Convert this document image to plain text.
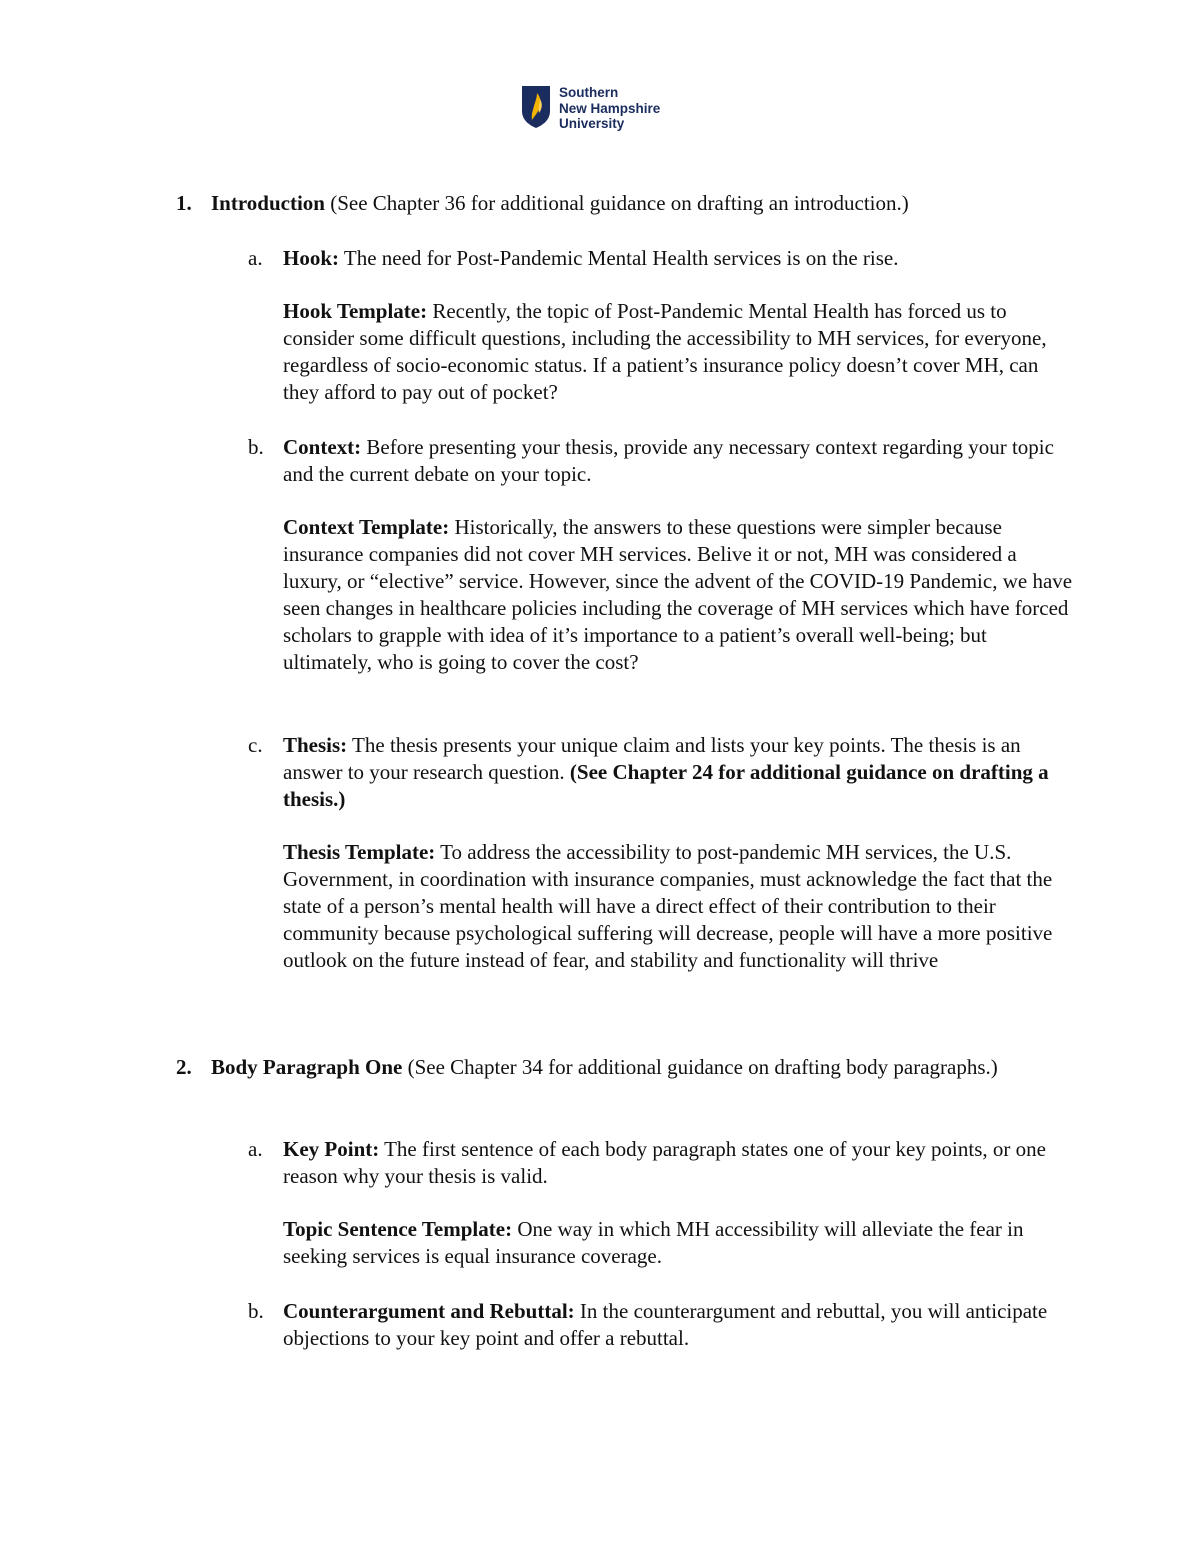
Southern
New Hampshire
University
1. Introduction (See Chapter 36 for additional guidance on drafting an introduction.)
a. Hook: The need for Post-Pandemic Mental Health services is on the rise.
Hook Template: Recently, the topic of Post-Pandemic Mental Health has forced us to consider some difficult questions, including the accessibility to MH services, for everyone, regardless of socio-economic status. If a patient’s insurance policy doesn’t cover MH, can they afford to pay out of pocket?
b. Context: Before presenting your thesis, provide any necessary context regarding your topic and the current debate on your topic.
Context Template: Historically, the answers to these questions were simpler because insurance companies did not cover MH services. Belive it or not, MH was considered a luxury, or “elective” service. However, since the advent of the COVID-19 Pandemic, we have seen changes in healthcare policies including the coverage of MH services which have forced scholars to grapple with idea of it’s importance to a patient’s overall well-being; but ultimately, who is going to cover the cost?
c. Thesis: The thesis presents your unique claim and lists your key points. The thesis is an answer to your research question. (See Chapter 24 for additional guidance on drafting a thesis.)
Thesis Template: To address the accessibility to post-pandemic MH services, the U.S. Government, in coordination with insurance companies, must acknowledge the fact that the state of a person’s mental health will have a direct effect of their contribution to their community because psychological suffering will decrease, people will have a more positive outlook on the future instead of fear, and stability and functionality will thrive
2. Body Paragraph One (See Chapter 34 for additional guidance on drafting body paragraphs.)
a. Key Point: The first sentence of each body paragraph states one of your key points, or one reason why your thesis is valid.
Topic Sentence Template: One way in which MH accessibility will alleviate the fear in seeking services is equal insurance coverage.
b. Counterargument and Rebuttal: In the counterargument and rebuttal, you will anticipate objections to your key point and offer a rebuttal.
